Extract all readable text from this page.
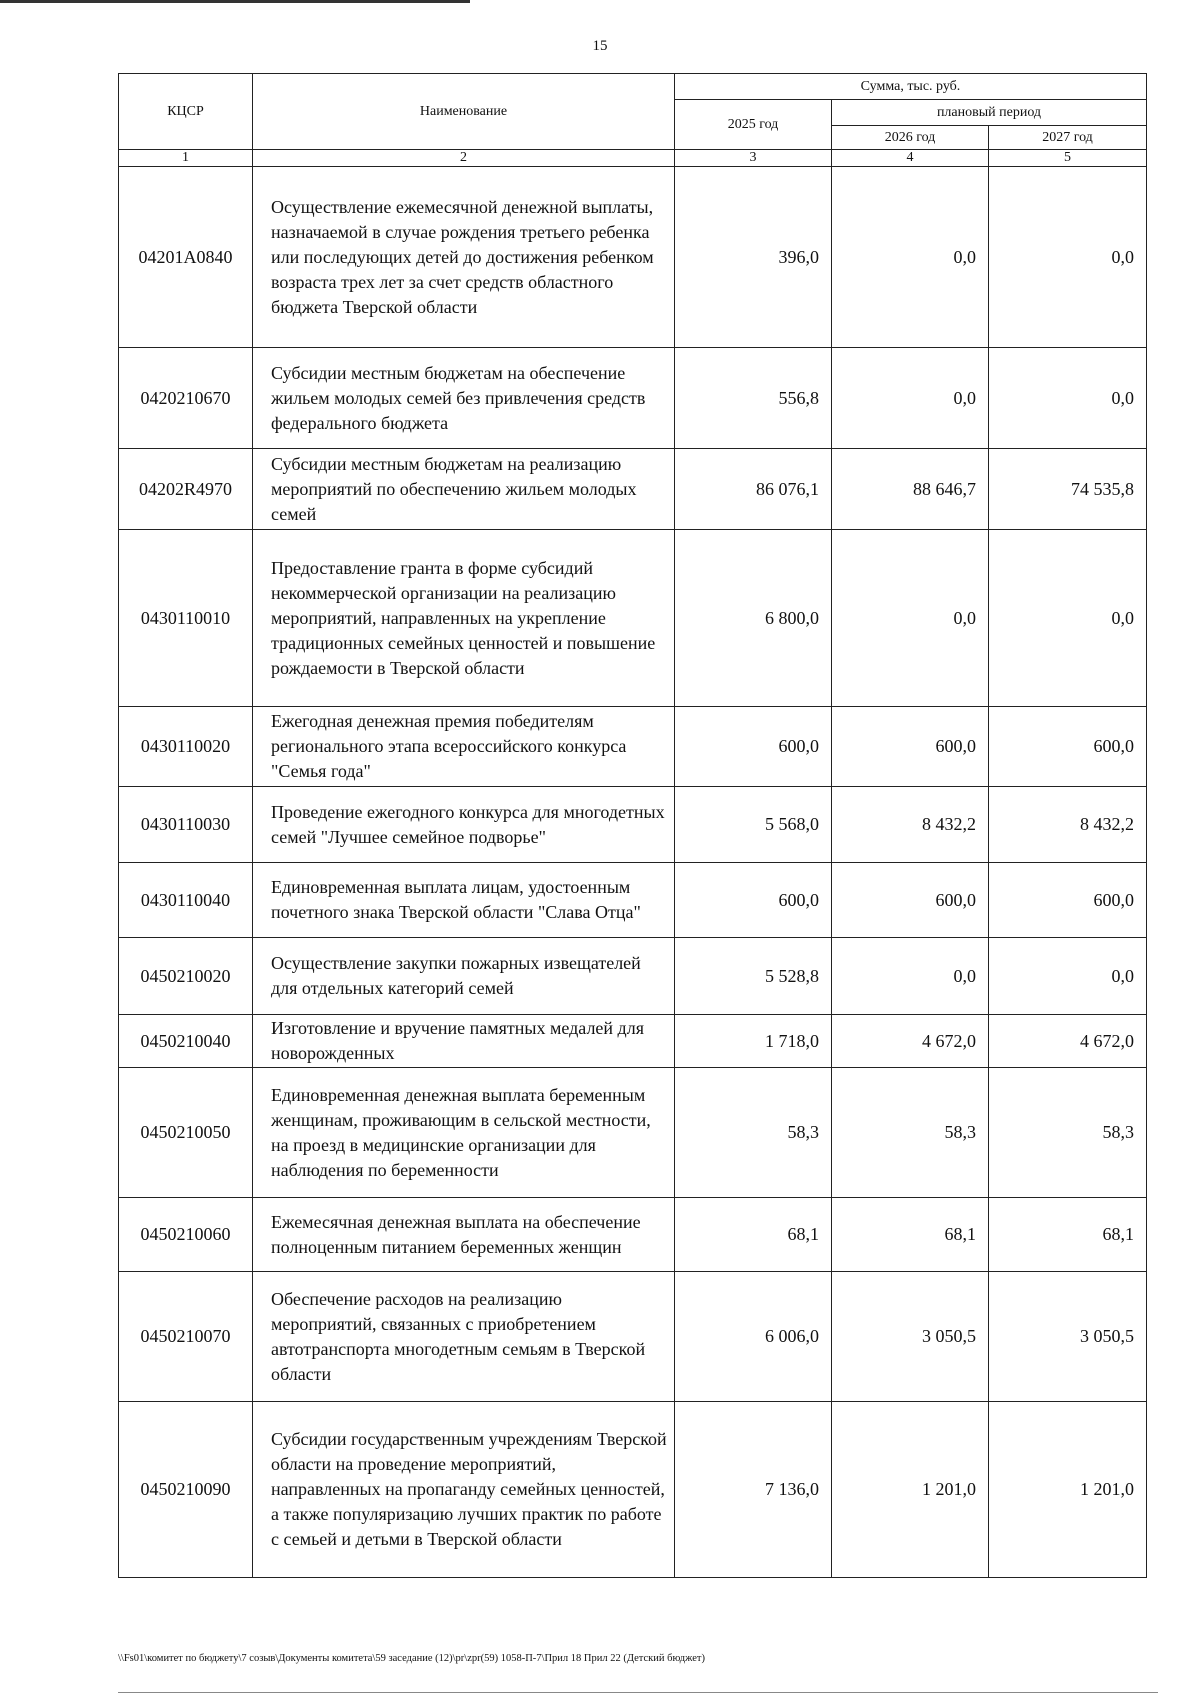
15
КЦСР	Наименование	Сумма, тыс. руб.		
		2025 год	плановый период	
			2026 год	2027 год
1	2	3	4	5
04201A0840	Осуществление ежемесячной денежной выплаты, назначаемой в случае рождения третьего ребенка или последующих детей до достижения ребенком возраста трех лет за счет средств областного бюджета Тверской области	396,0	0,0	0,0
0420210670	Субсидии местным бюджетам на обеспечение жильем молодых семей без привлечения средств федерального бюджета	556,8	0,0	0,0
04202R4970	Субсидии местным бюджетам на реализацию мероприятий по обеспечению жильем молодых семей	86 076,1	88 646,7	74 535,8
0430110010	Предоставление гранта в форме субсидий некоммерческой организации на реализацию мероприятий, направленных на укрепление традиционных семейных ценностей и повышение рождаемости в Тверской области	6 800,0	0,0	0,0
0430110020	Ежегодная денежная премия победителям регионального этапа всероссийского конкурса "Семья года"	600,0	600,0	600,0
0430110030	Проведение ежегодного конкурса для многодетных семей "Лучшее семейное подворье"	5 568,0	8 432,2	8 432,2
0430110040	Единовременная выплата лицам, удостоенным почетного знака Тверской области "Слава Отца"	600,0	600,0	600,0
0450210020	Осуществление закупки пожарных извещателей для отдельных категорий семей	5 528,8	0,0	0,0
0450210040	Изготовление и вручение памятных медалей для новорожденных	1 718,0	4 672,0	4 672,0
0450210050	Единовременная денежная выплата беременным женщинам, проживающим в сельской местности, на проезд в медицинские организации для наблюдения по беременности	58,3	58,3	58,3
0450210060	Ежемесячная денежная выплата на обеспечение полноценным питанием беременных женщин	68,1	68,1	68,1
0450210070	Обеспечение расходов на реализацию мероприятий, связанных с приобретением автотранспорта многодетным семьям в Тверской области	6 006,0	3 050,5	3 050,5
0450210090	Субсидии государственным учреждениям Тверской области на проведение мероприятий, направленных на пропаганду семейных ценностей, а также популяризацию лучших практик по работе с семьей и детьми в Тверской области	7 136,0	1 201,0	1 201,0
\\Fs01\комитет по бюджету\7 созыв\Документы комитета\59 заседание (12)\pr\zpr(59) 1058-П-7\Прил 18 Прил 22 (Детский бюджет)
